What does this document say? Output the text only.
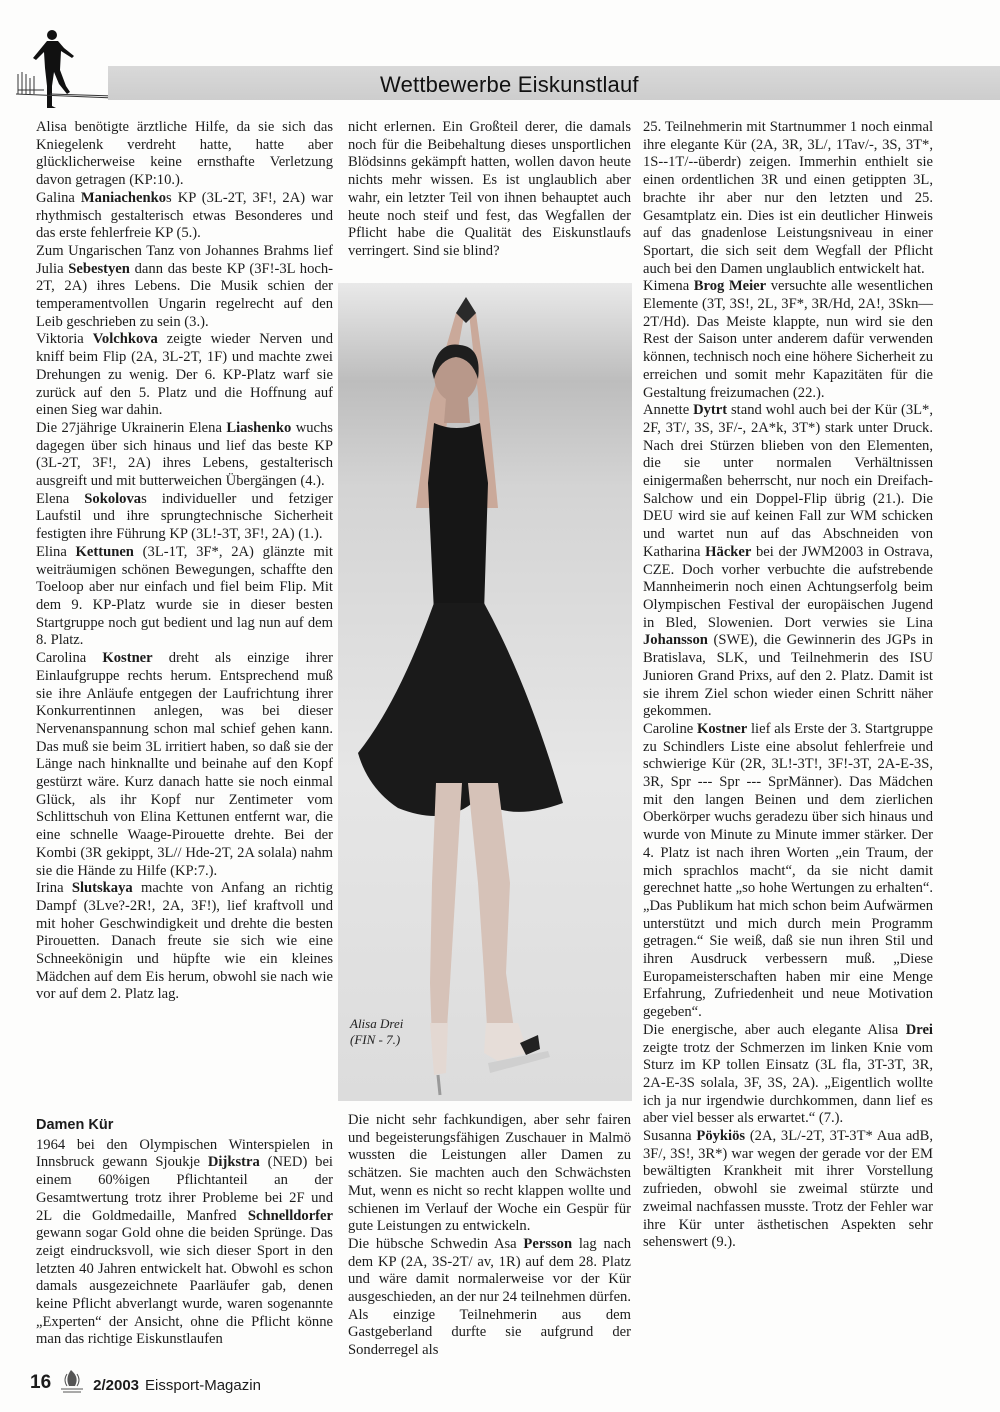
Wettbewerbe Eiskunstlauf

Alisa benötigte ärztliche Hilfe, da sie sich das Kniegelenk verdreht hatte, hatte aber glücklicherweise keine ernsthafte Verletzung davon getragen (KP:10.).

Galina Maniachenkos KP (3L-2T, 3F!, 2A) war rhythmisch gestalterisch etwas Besonderes und das erste fehlerfreie KP (5.).

Zum Ungarischen Tanz von Johannes Brahms lief Julia Sebestyen dann das beste KP (3F!-3L hoch-2T, 2A) ihres Lebens. Die Musik schien der temperamentvollen Ungarin regelrecht auf den Leib geschrieben zu sein (3.).

Viktoria Volchkova zeigte wieder Nerven und kniff beim Flip (2A, 3L-2T, 1F) und machte zwei Drehungen zu wenig. Der 6. KP-Platz warf sie zurück auf den 5. Platz und die Hoffnung auf einen Sieg war dahin.

Die 27jährige Ukrainerin Elena Liashenko wuchs dagegen über sich hinaus und lief das beste KP (3L-2T, 3F!, 2A) ihres Lebens, gestalterisch ausgreift und mit butterweichen Übergängen (4.).

Elena Sokolovas individueller und fetziger Laufstil und ihre sprungtechnische Sicherheit festigten ihre Führung KP (3L!-3T, 3F!, 2A) (1.).

Elina Kettunen (3L-1T, 3F*, 2A) glänzte mit weiträumigen schönen Bewegungen, schaffte den Toeloop aber nur einfach und fiel beim Flip. Mit dem 9. KP-Platz wurde sie in dieser besten Startgruppe noch gut bedient und lag nun auf dem 8. Platz.

Carolina Kostner dreht als einzige ihrer Einlaufgruppe rechts herum. Entsprechend muß sie ihre Anläufe entgegen der Laufrichtung ihrer Konkurrentinnen anlegen, was bei dieser Nervenanspannung schon mal schief gehen kann. Das muß sie beim 3L irritiert haben, so daß sie der Länge nach hinknallte und beinahe auf den Kopf gestürzt wäre. Kurz danach hatte sie noch einmal Glück, als ihr Kopf nur Zentimeter vom Schlittschuh von Elina Kettunen entfernt war, die eine schnelle Waage-Pirouette drehte. Bei der Kombi (3R gekippt, 3L// Hde-2T, 2A solala) nahm sie die Hände zu Hilfe (KP:7.).

Irina Slutskaya machte von Anfang an richtig Dampf (3Lve?-2R!, 2A, 3F!), lief kraftvoll und mit hoher Geschwindigkeit und drehte die besten Pirouetten. Danach freute sie sich wie eine Schneekönigin und hüpfte wie ein kleines Mädchen auf dem Eis herum, obwohl sie nach wie vor auf dem 2. Platz lag.

Damen Kür

1964 bei den Olympischen Winterspielen in Innsbruck gewann Sjoukje Dijkstra (NED) bei einem 60%igen Pflichtanteil an der Gesamtwertung trotz ihrer Probleme bei 2F und 2L die Goldmedaille, Manfred Schnelldorfer gewann sogar Gold ohne die beiden Sprünge. Das zeigt eindrucksvoll, wie sich dieser Sport in den letzten 40 Jahren entwickelt hat. Obwohl es schon damals ausgezeichnete Paarläufer gab, denen keine Pflicht abverlangt wurde, waren sogenannte „Experten“ der Ansicht, ohne die Pflicht könne man das richtige Eiskunstlaufen

nicht erlernen. Ein Großteil derer, die damals noch für die Beibehaltung dieses unsportlichen Blödsinns gekämpft hatten, wollen davon heute nichts mehr wissen. Es ist unglaublich aber wahr, ein letzter Teil von ihnen behauptet auch heute noch steif und fest, das Wegfallen der Pflicht habe die Qualität des Eiskunstlaufs verringert. Sind sie blind?

Alisa Drei
(FIN - 7.)

Die nicht sehr fachkundigen, aber sehr fairen und begeisterungsfähigen Zuschauer in Malmö wussten die Leistungen aller Damen zu schätzen. Sie machten auch den Schwächsten Mut, wenn es nicht so recht klappen wollte und schienen im Verlauf der Woche ein Gespür für gute Leistungen zu entwickeln.

Die hübsche Schwedin Asa Persson lag nach dem KP (2A, 3S-2T/ av, 1R) auf dem 28. Platz und wäre damit normalerweise vor der Kür ausgeschieden, an der nur 24 teilnehmen dürfen. Als einzige Teilnehmerin aus dem Gastgeberland durfte sie aufgrund der Sonderregel als

25. Teilnehmerin mit Startnummer 1 noch einmal ihre elegante Kür (2A, 3R, 3L/, 1Tav/-, 3S, 3T*, 1S--1T/--überdr) zeigen. Immerhin enthielt sie einen ordentlichen 3R und einen getippten 3L, brachte ihr aber nur den letzten und 25. Gesamtplatz ein. Dies ist ein deutlicher Hinweis auf das gnadenlose Leistungsniveau in einer Sportart, die sich seit dem Wegfall der Pflicht auch bei den Damen unglaublich entwickelt hat.

Kimena Brog Meier versuchte alle wesentlichen Elemente (3T, 3S!, 2L, 3F*, 3R/Hd, 2A!, 3Skn—2T/Hd). Das Meiste klappte, nun wird sie den Rest der Saison unter anderem dafür verwenden können, technisch noch eine höhere Sicherheit zu erreichen und somit mehr Kapazitäten für die Gestaltung freizumachen (22.).

Annette Dytrt stand wohl auch bei der Kür (3L*, 2F, 3T/, 3S, 3F/-, 2A*k, 3T*) stark unter Druck. Nach drei Stürzen blieben von den Elementen, die sie unter normalen Verhältnissen einigermaßen beherrscht, nur noch ein Dreifach-Salchow und ein Doppel-Flip übrig (21.). Die DEU wird sie auf keinen Fall zur WM schicken und wartet nun auf das Abschneiden von Katharina Häcker bei der JWM2003 in Ostrava, CZE. Doch vorher verbuchte die aufstrebende Mannheimerin noch einen Achtungserfolg beim Olympischen Festival der europäischen Jugend in Bled, Slowenien. Dort verwies sie Lina Johansson (SWE), die Gewinnerin des JGPs in Bratislava, SLK, und Teilnehmerin des ISU Junioren Grand Prixs, auf den 2. Platz. Damit ist sie ihrem Ziel schon wieder einen Schritt näher gekommen.

Caroline Kostner lief als Erste der 3. Startgruppe zu Schindlers Liste eine absolut fehlerfreie und schwierige Kür (2R, 3L!-3T!, 3F!-3T, 2A-E-3S, 3R, Spr --- Spr --- SprMänner). Das Mädchen mit den langen Beinen und dem zierlichen Oberkörper wuchs geradezu über sich hinaus und wurde von Minute zu Minute immer stärker. Der 4. Platz ist nach ihren Worten „ein Traum, der mich sprachlos macht“, da sie nicht damit gerechnet hatte „so hohe Wertungen zu erhalten“. „Das Publikum hat mich schon beim Aufwärmen unterstützt und mich durch mein Programm getragen.“ Sie weiß, daß sie nun ihren Stil und ihren Ausdruck verbessern muß. „Diese Europameisterschaften haben mir eine Menge Erfahrung, Zufriedenheit und neue Motivation gegeben“.

Die energische, aber auch elegante Alisa Drei zeigte trotz der Schmerzen im linken Knie vom Sturz im KP tollen Einsatz (3L fla, 3T-3T, 3R, 2A-E-3S solala, 3F, 3S, 2A). „Eigentlich wollte ich ja nur irgendwie durchkommen, dann lief es aber viel besser als erwartet.“ (7.).

Susanna Pöykiös (2A, 3L/-2T, 3T-3T* Aua adB, 3F/, 3S!, 3R*) war wegen der gerade vor der EM bewältigten Krankheit mit ihrer Vorstellung zufrieden, obwohl sie zweimal stürzte und zweimal nachfassen musste. Trotz der Fehler war ihre Kür unter ästhetischen Aspekten sehr sehenswert (9.).

16	2/2003 Eissport-Magazin
